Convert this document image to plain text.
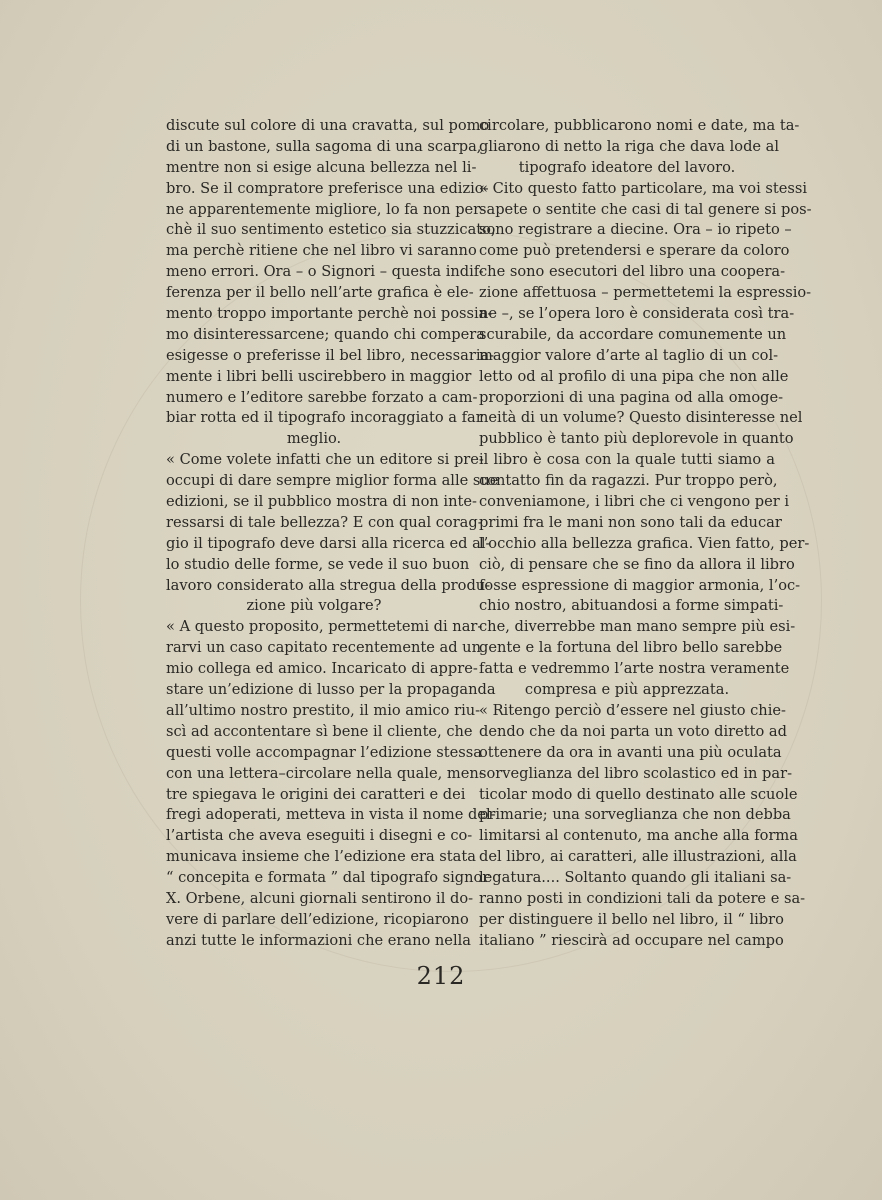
discute sul colore di una cravatta, sul pomo
di un bastone, sulla sagoma di una scarpa,
mentre non si esige alcuna bellezza nel li-
bro. Se il compratore preferisce una edizio-
ne apparentemente migliore, lo fa non per-
chè il suo sentimento estetico sia stuzzicato,
ma perchè ritiene che nel libro vi saranno
meno errori. Ora – o Signori – questa indif-
ferenza per il bello nell’arte grafica è ele-
mento troppo importante perchè noi possia-
mo disinteressarcene; quando chi compera
esigesse o preferisse il bel libro, necessaria-
mente i libri belli uscirebbero in maggior
numero e l’editore sarebbe forzato a cam-
biar rotta ed il tipografo incoraggiato a far
meglio.
« Come volete infatti che un editore si pre-
occupi di dare sempre miglior forma alle sue
edizioni, se il pubblico mostra di non inte-
ressarsi di tale bellezza? E con qual corag-
gio il tipografo deve darsi alla ricerca ed al-
lo studio delle forme, se vede il suo buon
lavoro considerato alla stregua della produ-
zione più volgare?
« A questo proposito, permettetemi di nar-
rarvi un caso capitato recentemente ad un
mio collega ed amico. Incaricato di appre-
stare un’edizione di lusso per la propaganda
all’ultimo nostro prestito, il mio amico riu-
scì ad accontentare sì bene il cliente, che
questi volle accompagnar l’edizione stessa
con una lettera–circolare nella quale, men-
tre spiegava le origini dei caratteri e dei
fregi adoperati, metteva in vista il nome del-
l’artista che aveva eseguiti i disegni e co-
municava insieme che l’edizione era stata
“ concepita e formata ” dal tipografo signor
X. Orbene, alcuni giornali sentirono il do-
vere di parlare dell’edizione, ricopiarono
anzi tutte le informazioni che erano nella
circolare, pubblicarono nomi e date, ma ta-
gliarono di netto la riga che dava lode al
tipografo ideatore del lavoro.
« Cito questo fatto particolare, ma voi stessi
sapete o sentite che casi di tal genere si pos-
sono registrare a diecine. Ora – io ripeto –
come può pretendersi e sperare da coloro
che sono esecutori del libro una coopera-
zione affettuosa – permettetemi la espressio-
ne –, se l’opera loro è considerata così tra-
scurabile, da accordare comunemente un
maggior valore d’arte al taglio di un col-
letto od al profilo di una pipa che non alle
proporzioni di una pagina od alla omoge-
neità di un volume? Questo disinteresse nel
pubblico è tanto più deplorevole in quanto
il libro è cosa con la quale tutti siamo a
contatto fin da ragazzi. Pur troppo però,
conveniamone, i libri che ci vengono per i
primi fra le mani non sono tali da educar
l’occhio alla bellezza grafica. Vien fatto, per-
ciò, di pensare che se fino da allora il libro
fosse espressione di maggior armonia, l’oc-
chio nostro, abituandosi a forme simpati-
che, diverrebbe man mano sempre più esi-
gente e la fortuna del libro bello sarebbe
fatta e vedremmo l’arte nostra veramente
compresa e più apprezzata.
« Ritengo perciò d’essere nel giusto chie-
dendo che da noi parta un voto diretto ad
ottenere da ora in avanti una più oculata
sorveglianza del libro scolastico ed in par-
ticolar modo di quello destinato alle scuole
primarie; una sorveglianza che non debba
limitarsi al contenuto, ma anche alla forma
del libro, ai caratteri, alle illustrazioni, alla
legatura.... Soltanto quando gli italiani sa-
ranno posti in condizioni tali da potere e sa-
per distinguere il bello nel libro, il “ libro
italiano ” riescirà ad occupare nel campo
212
